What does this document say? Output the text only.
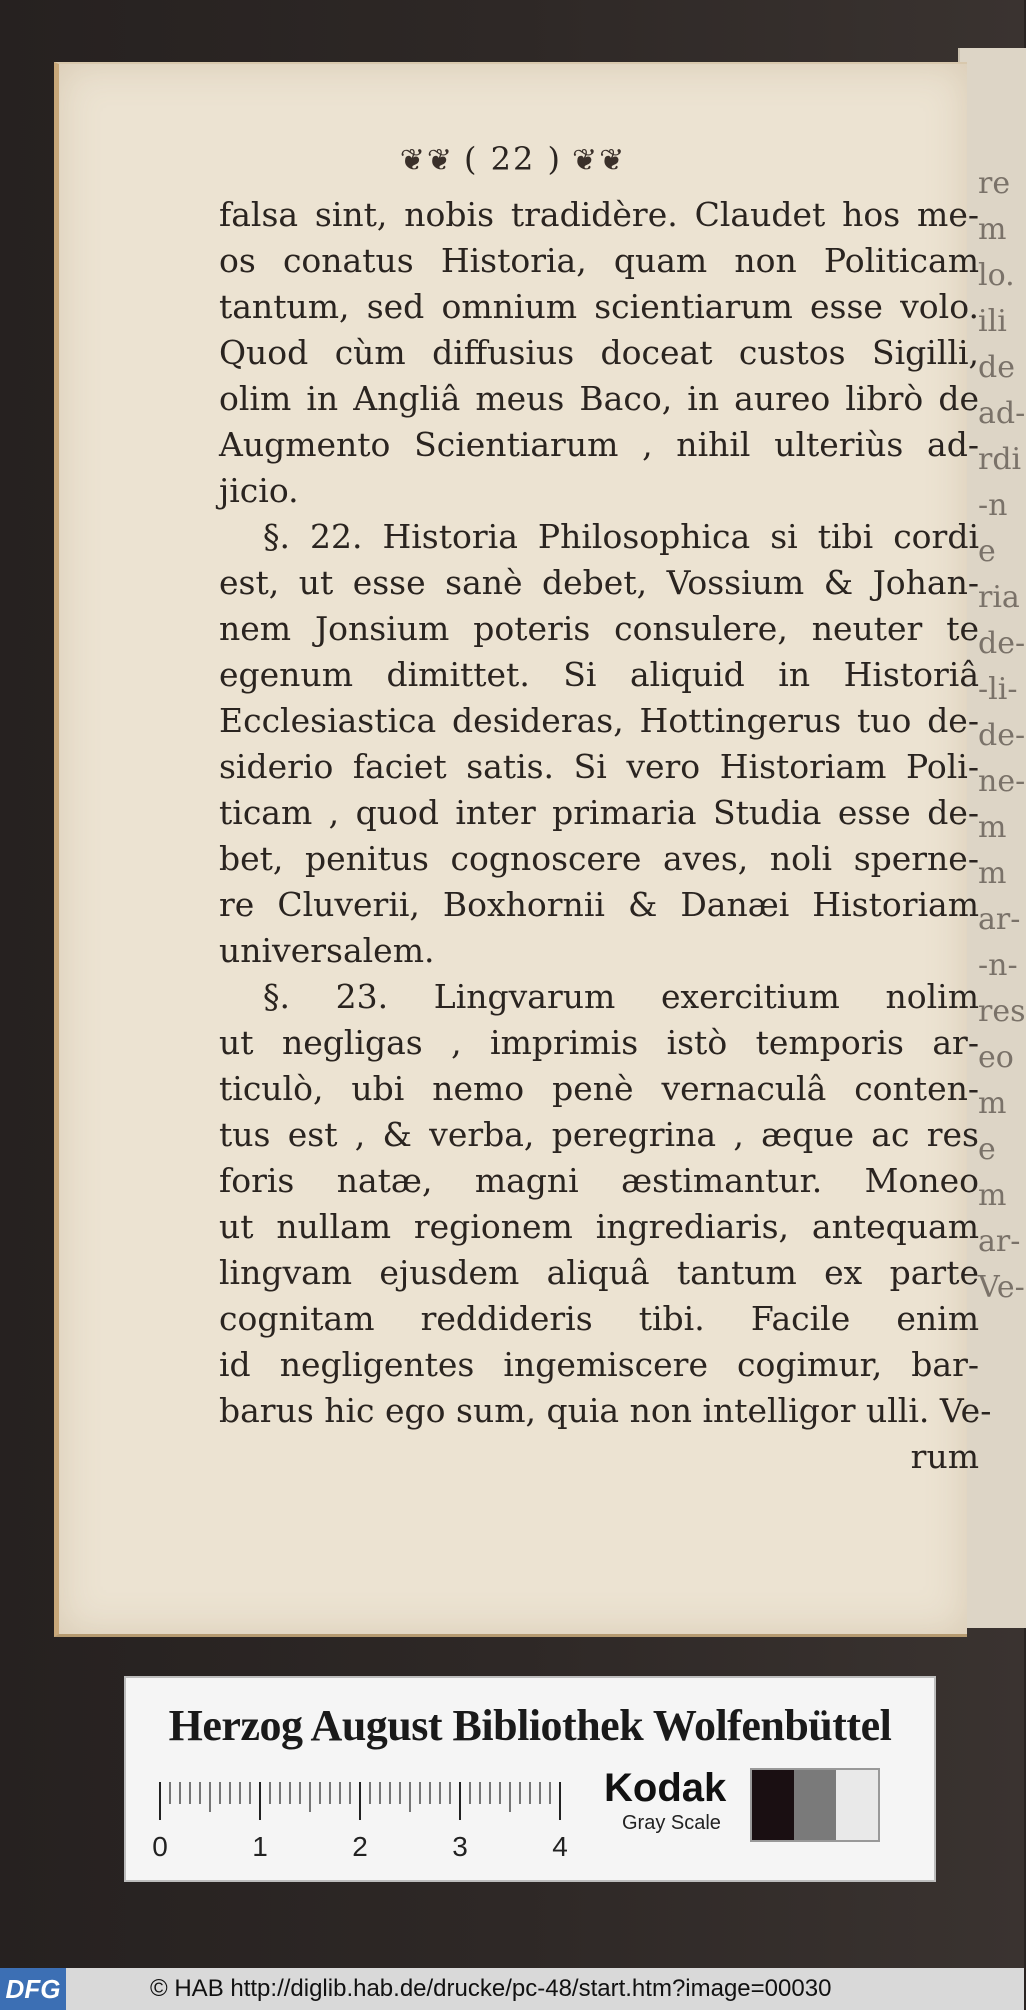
re
m
lo.
ili
de
ad-
rdi
-n
e
ria
de-
-li-
de-
ne-
m
m
ar-
-n-
res
eo
m
e
m
ar-
Ve-
❦❦ ( 22 ) ❦❦
falsa sint, nobis tradidère. Claudet hos me-
os conatus Historia, quam non Politicam
tantum, sed omnium scientiarum esse volo.
Quod cùm diffusius doceat custos Sigilli,
olim in Angliâ meus Baco, in aureo librò de
Augmento Scientiarum , nihil ulteriùs ad-
jicio.
§. 22. Historia Philosophica si tibi cordi
est, ut esse sanè debet, Vossium & Johan-
nem Jonsium poteris consulere, neuter te
egenum dimittet. Si aliquid in Historiâ
Ecclesiastica desideras, Hottingerus tuo de-
siderio faciet satis. Si vero Historiam Poli-
ticam , quod inter primaria Studia esse de-
bet, penitus cognoscere aves, noli sperne-
re Cluverii, Boxhornii & Danæi Historiam
universalem.
§. 23. Lingvarum exercitium nolim
ut negligas , imprimis istò temporis ar-
ticulò, ubi nemo penè vernaculâ conten-
tus est , & verba, peregrina , æque ac res
foris natæ, magni æstimantur. Moneo
ut nullam regionem ingrediaris, antequam
lingvam ejusdem aliquâ tantum ex parte
cognitam reddideris tibi. Facile enim
id negligentes ingemiscere cogimur, bar-
barus hic ego sum, quia non intelligor ulli. Ve-
rum
Herzog August Bibliothek Wolfenbüttel
0	1	2	3	4
Kodak
Gray Scale
DFG	© HAB http://diglib.hab.de/drucke/pc-48/start.htm?image=00030
